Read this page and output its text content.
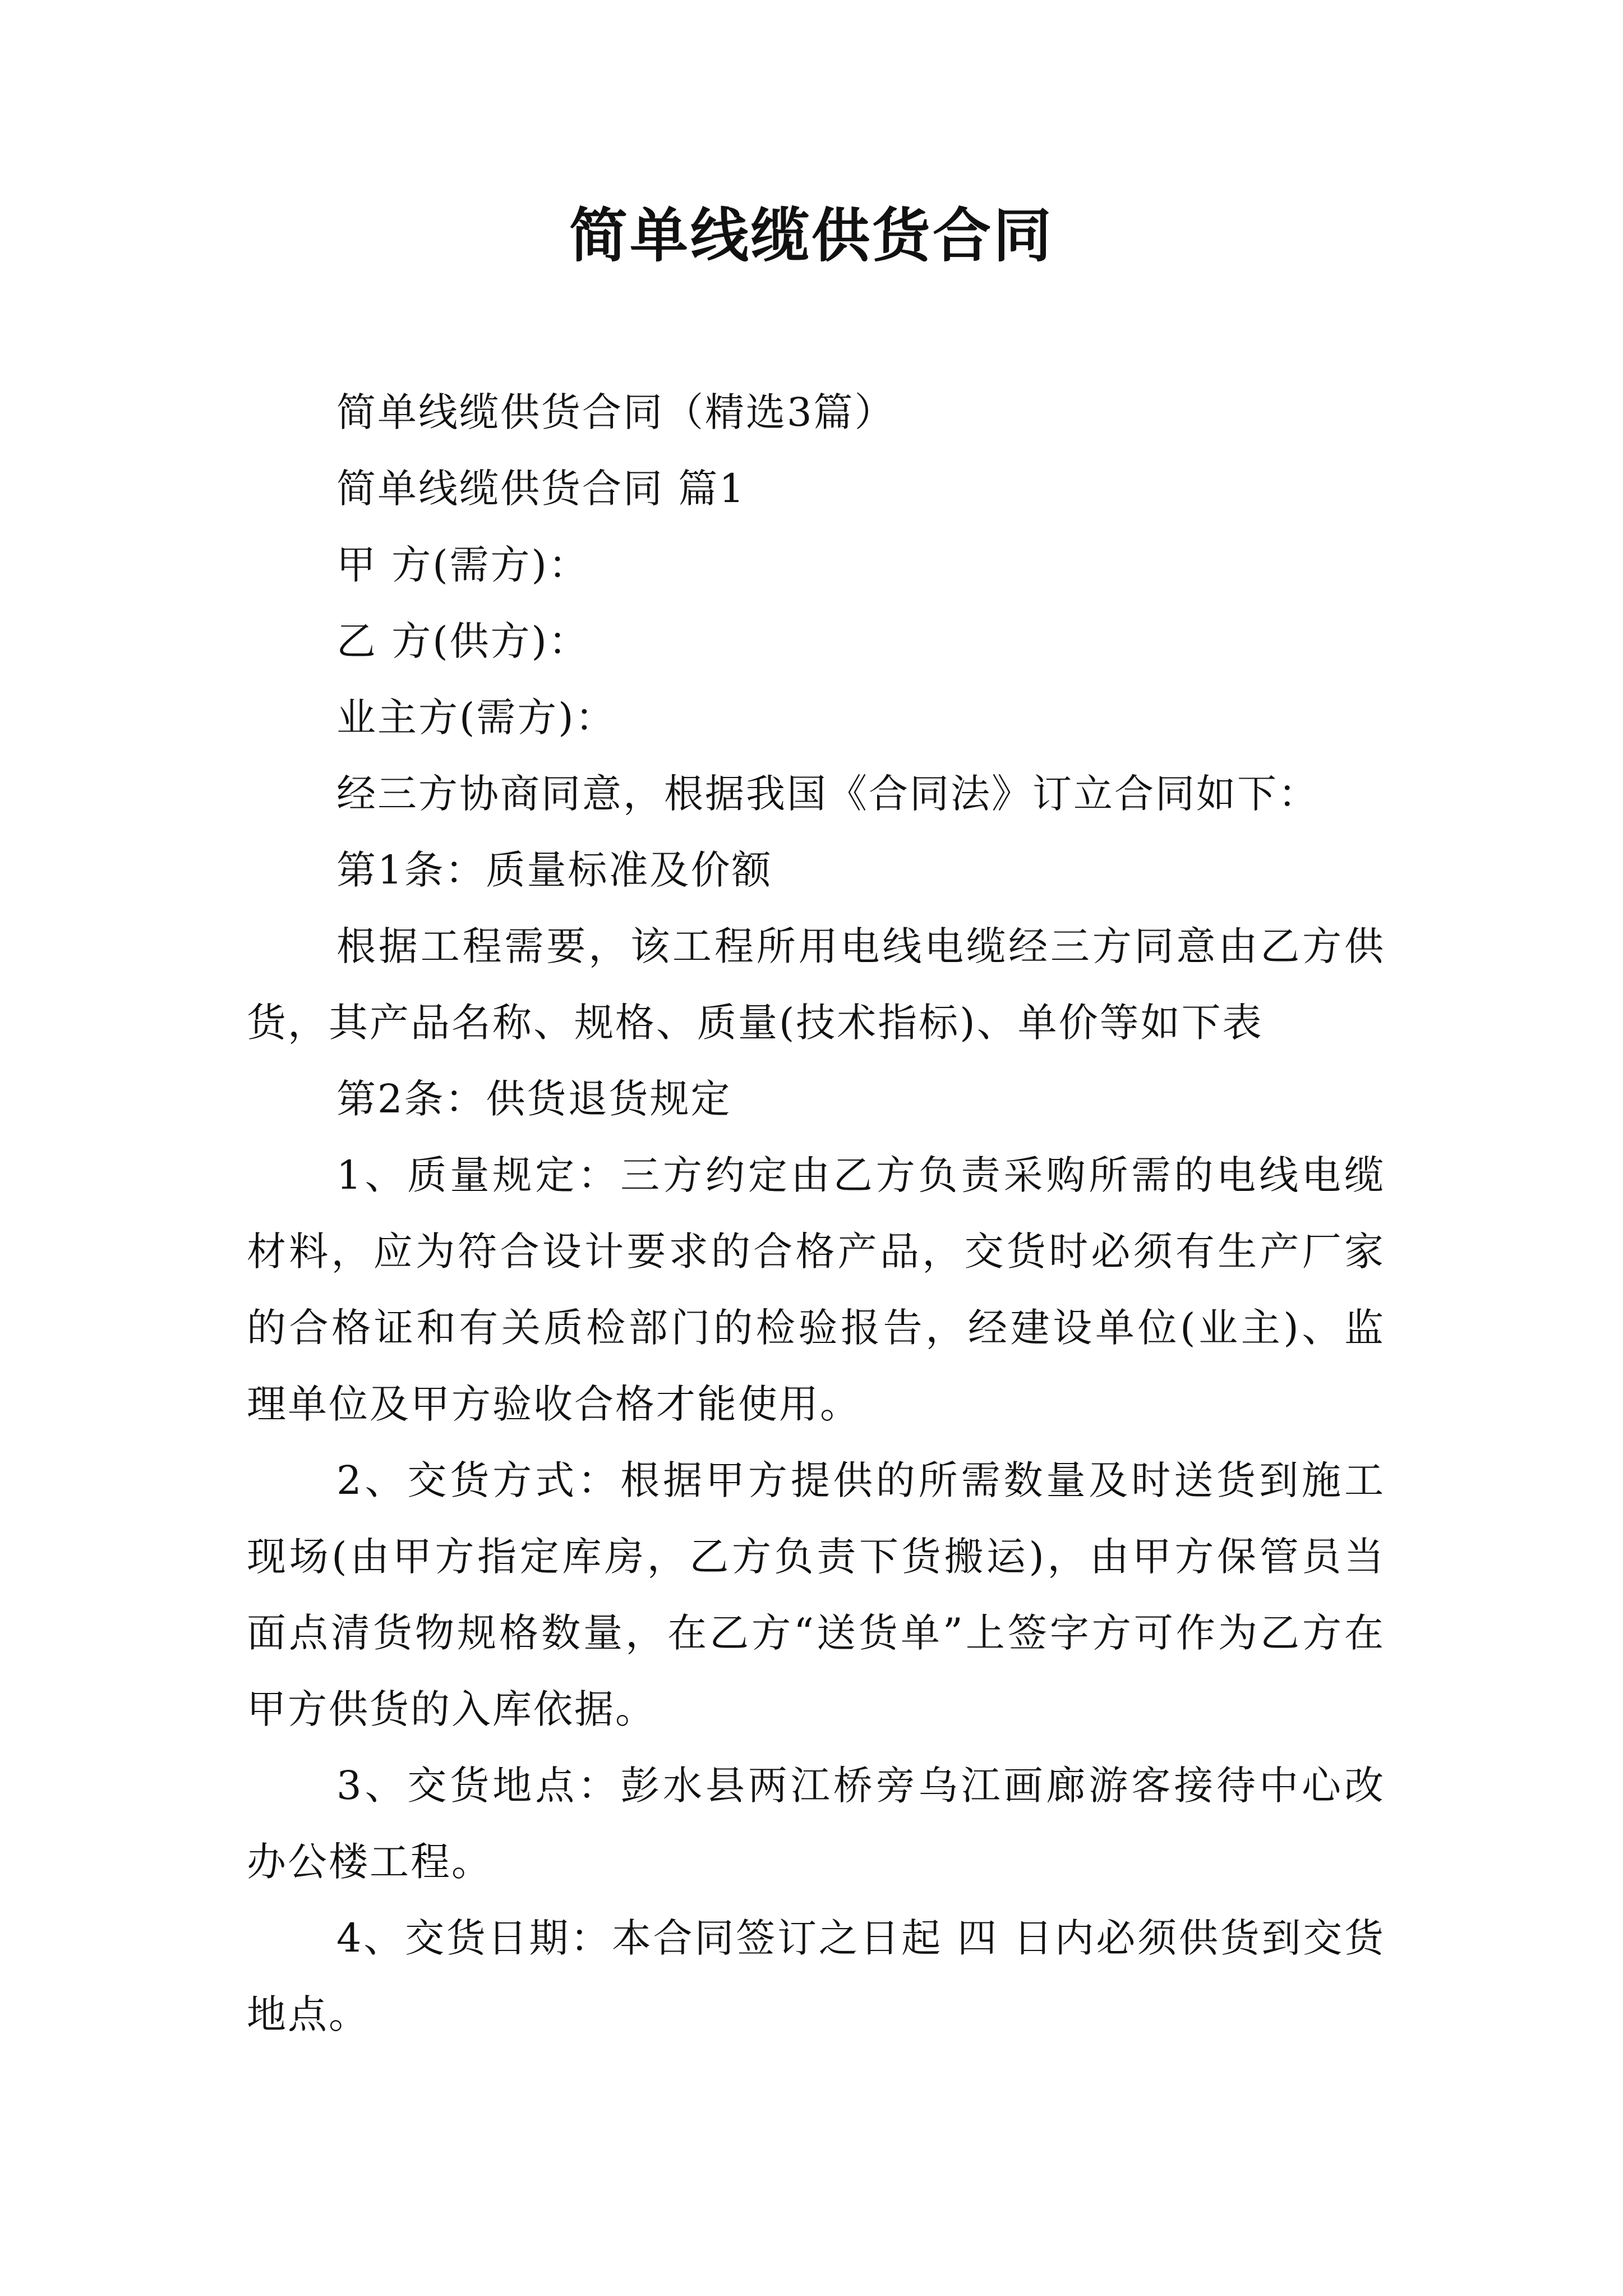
简单线缆供货合同

简单线缆供货合同（精选3篇）

简单线缆供货合同 篇1

甲 方(需方)：

乙 方(供方)：

业主方(需方)：

经三方协商同意，根据我国《合同法》订立合同如下：

第1条：质量标准及价额

根据工程需要，该工程所用电线电缆经三方同意由乙方供货，其产品名称、规格、质量(技术指标)、单价等如下表

第2条：供货退货规定

1、质量规定：三方约定由乙方负责采购所需的电线电缆材料，应为符合设计要求的合格产品，交货时必须有生产厂家的合格证和有关质检部门的检验报告，经建设单位(业主)、监理单位及甲方验收合格才能使用。

2、交货方式：根据甲方提供的所需数量及时送货到施工现场(由甲方指定库房，乙方负责下货搬运)，由甲方保管员当面点清货物规格数量，在乙方“送货单”上签字方可作为乙方在甲方供货的入库依据。

3、交货地点：彭水县两江桥旁乌江画廊游客接待中心改办公楼工程。

4、交货日期：本合同签订之日起 四 日内必须供货到交货地点。
